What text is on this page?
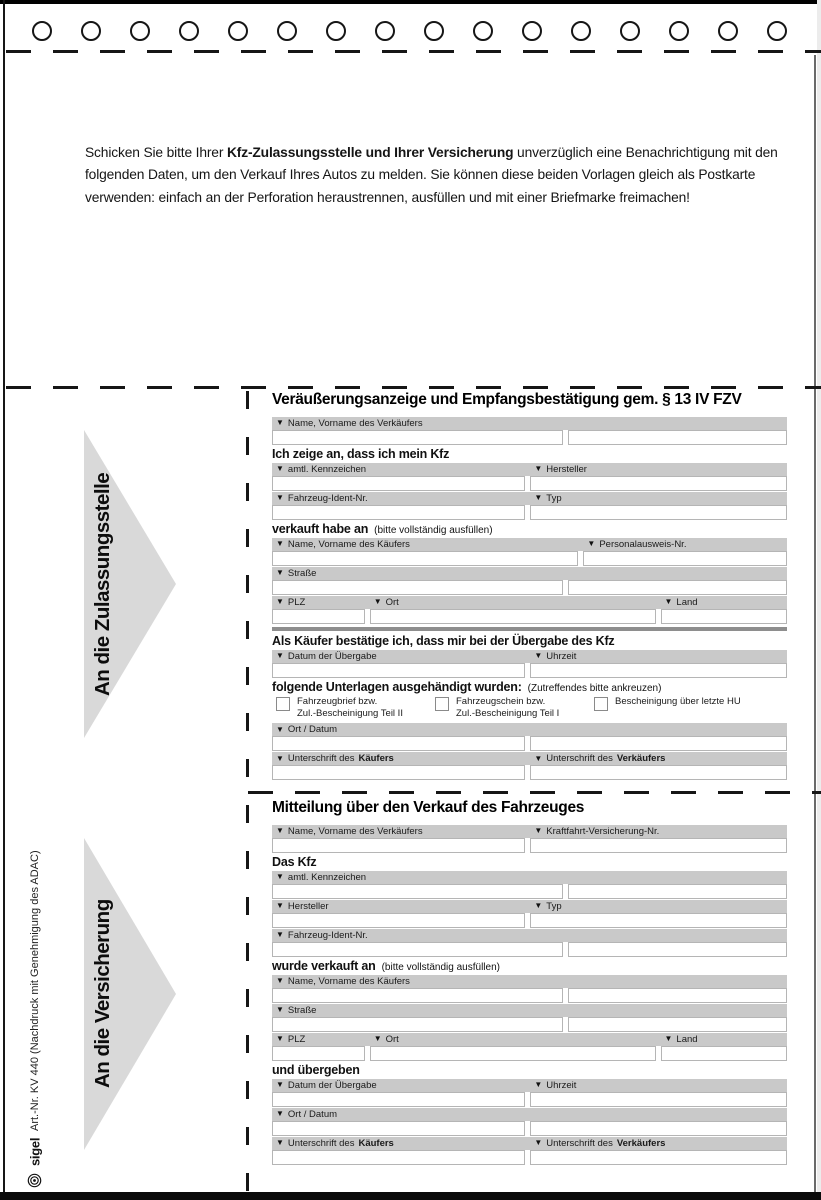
Schicken Sie bitte Ihrer Kfz-Zulassungsstelle und Ihrer Versicherung unverzüglich eine Benachrichtigung mit den folgenden Daten, um den Verkauf Ihres Autos zu melden. Sie können diese beiden Vorlagen gleich als Postkarte verwenden: einfach an der Perforation heraustrennen, ausfüllen und mit einer Briefmarke freimachen!
An die Zulassungsstelle
An die Versicherung
sigel
Art.-Nr. KV 440 (Nachdruck mit Genehmigung des ADAC)
Veräußerungsanzeige und Empfangsbestätigung gem. § 13 IV FZV
▼ Name, Vorname des Verkäufers
Ich zeige an, dass ich mein Kfz
▼ amtl. Kennzeichen	▼ Hersteller
▼ Fahrzeug-Ident-Nr.	▼ Typ
verkauft habe an (bitte vollständig ausfüllen)
▼ Name, Vorname des Käufers	▼ Personalausweis-Nr.
▼ Straße
▼ PLZ	▼ Ort	▼ Land
Als Käufer bestätige ich, dass mir bei der Übergabe des Kfz
▼ Datum der Übergabe	▼ Uhrzeit
folgende Unterlagen ausgehändigt wurden: (Zutreffendes bitte ankreuzen)
Fahrzeugbrief bzw.
Zul.-Bescheinigung Teil II
Fahrzeugschein bzw.
Zul.-Bescheinigung Teil I
Bescheinigung über letzte HU
▼ Ort / Datum
▼ Unterschrift des Käufers	▼ Unterschrift des Verkäufers
Mitteilung über den Verkauf des Fahrzeuges
▼ Name, Vorname des Verkäufers	▼ Kraftfahrt-Versicherung-Nr.
Das Kfz
▼ amtl. Kennzeichen
▼ Hersteller	▼ Typ
▼ Fahrzeug-Ident-Nr.
wurde verkauft an (bitte vollständig ausfüllen)
▼ Name, Vorname des Käufers
▼ Straße
▼ PLZ	▼ Ort	▼ Land
und übergeben
▼ Datum der Übergabe	▼ Uhrzeit
▼ Ort / Datum
▼ Unterschrift des Käufers	▼ Unterschrift des Verkäufers
